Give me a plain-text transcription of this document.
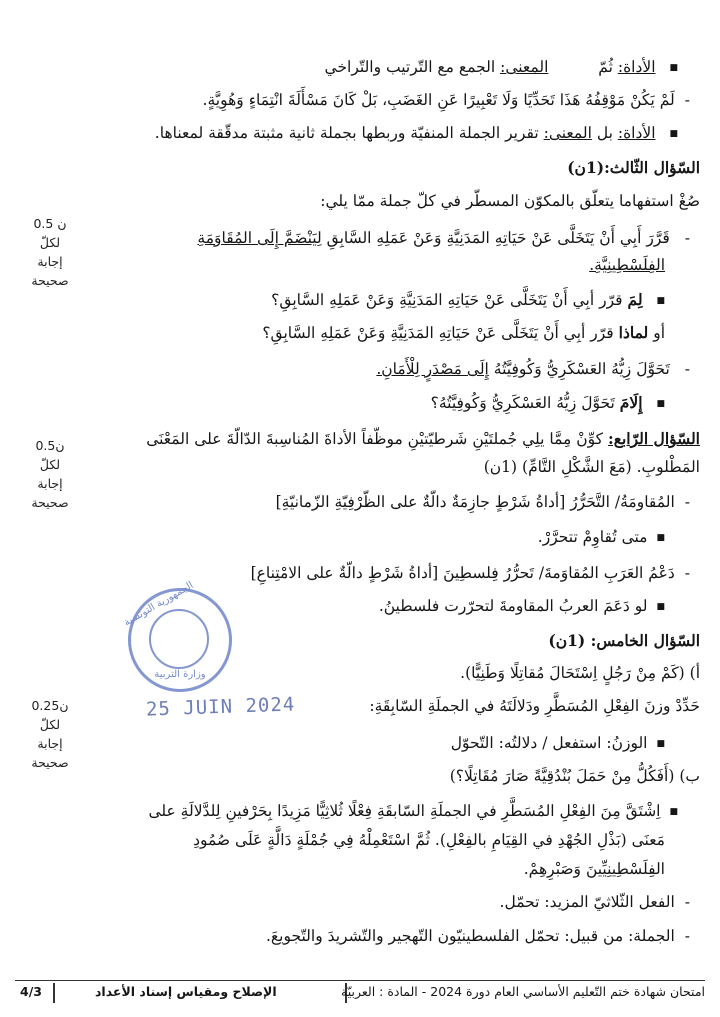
0.5 ن
لكلّ
إجابة
صحيحة
0.5ن
لكلّ
إجابة
صحيحة
0.25ن
لكلّ
إجابة
صحيحة
الجمهورية التونسية
وزارة التربية
25 JUIN 2024
■ الأداة: ثُمّ  المعنى: الجمع مع التّرتيب والتّراخي
- لَمْ يَكُنْ مَوْقِفُهُ هَذَا تَحَدِّيًا وَلَا تَعْبِيرًا عَنِ الغَضَبِ، بَلْ كَانَ مَسْأَلَةَ انْتِمَاءٍ وَهُوِيَّةٍ.
■ الأداة: بل المعنى: تقرير الجملة المنفيّة وربطها بجملة ثانية مثبتة مدقّقة لمعناها.
السّؤال الثّالث:(1ن)
صُغْ استفهاما يتعلّق بالمكوّن المسطّر في كلّ جملة ممّا يلي:
- قَرَّرَ أَبِي أَنْ يَتَخَلَّى عَنْ حَيَاتِهِ المَدَنِيَّةِ وَعَنْ عَمَلِهِ السَّابِقِ لِيَنْضَمَّ إِلَى المُقَاوَمَةِ
الفِلَسْطِينِيَّةِ.
■ لِمَ قرّر أبِي أَنْ يَتَخَلَّى عَنْ حَيَاتِهِ المَدَنِيَّةِ وَعَنْ عَمَلِهِ السَّابِقِ؟
أو لماذا قرّر أبِي أَنْ يَتَخَلَّى عَنْ حَيَاتِهِ المَدَنِيَّةِ وَعَنْ عَمَلِهِ السَّابِقِ؟
- تَحَوَّلَ زِيُّهُ العَسْكَرِيُّ وَكُوفِيَّتُهُ إِلَى مَصْدَرٍ لِلْأَمَانِ.
■ إِلَامَ تَحَوَّلَ زِيُّهُ العَسْكَرِيُّ وَكُوفِيَّتُهُ؟
السّؤال الرّابع: كوِّنْ مِمَّا يلِي جُملتَيْنِ شَرطيّتيْنِ موظّفاً الأداةَ المُناسِبةَ الدّالّةَ على المَعْنَى
المَطْلوبِ. (مَعَ الشَّكْلِ التَّامِّ) (1ن)
- المُقاومَةُ/ التَّحَرُّرُ [أداةُ شَرْطٍ جازِمَةٌ دالّةٌ على الظّرْفِيّةِ الزّمانيّةِ]
■ متى تُقاوِمْ تتحرَّرْ.
- دَعْمُ العَرَبِ المُقاوَمةَ/ تَحرُّرُ فِلسطِينَ [أداةُ شَرْطٍ دالّةٌ على الامْتِناعِ]
■ لو دَعَمَ العربُ المقاومةَ لتحرّرت فلسطينُ.
السّؤال الخامس: (1ن)
أ) (كَمْ مِنْ رَجُلٍ اِسْتَحَالَ مُقاتِلًا وَطَنِيًّا).
حَدِّدْ وزنَ الفِعْلِ المُسَطَّرِ ودَلالَتَهُ في الجملَةِ السّابِقَةِ:
■ الوزنُ: استفعل / دلالتُه: التّحوّل
ب) (أَفَكُلُّ مِنْ حَمَلَ بُنْدُقِيَّةً صَارَ مُقَاتِلًا؟)
■ اِشْتَقَّ مِنَ الفِعْلِ المُسَطَّرِ في الجملَةِ السّابقَةِ فِعْلًا ثُلاثِيًّا مَزِيدًا بِحَرْفينِ لِلدَّلالَةِ على
مَعنَى (بَذْلِ الجُهْدِ في القِيَامِ بالفِعْلِ). ثُمَّ اسْتَعْمِلْهُ فِي جُمْلَةٍ دَالَّةٍ عَلَى صُمُودِ
الفِلَسْطِينِيِّينَ وَصَبْرِهِمْ.
- الفعل الثّلاثيّ المزيد: تحمّل.
- الجملة: من قبيل: تحمّل الفلسطينيّون التّهجير والتّشريدَ والتّجويعَ.
4/3	الإصلاح ومقياس إسناد الأعداد	امتحان شهادة ختم التّعليم الأساسي العام دورة 2024 - المادة : العربيّة
